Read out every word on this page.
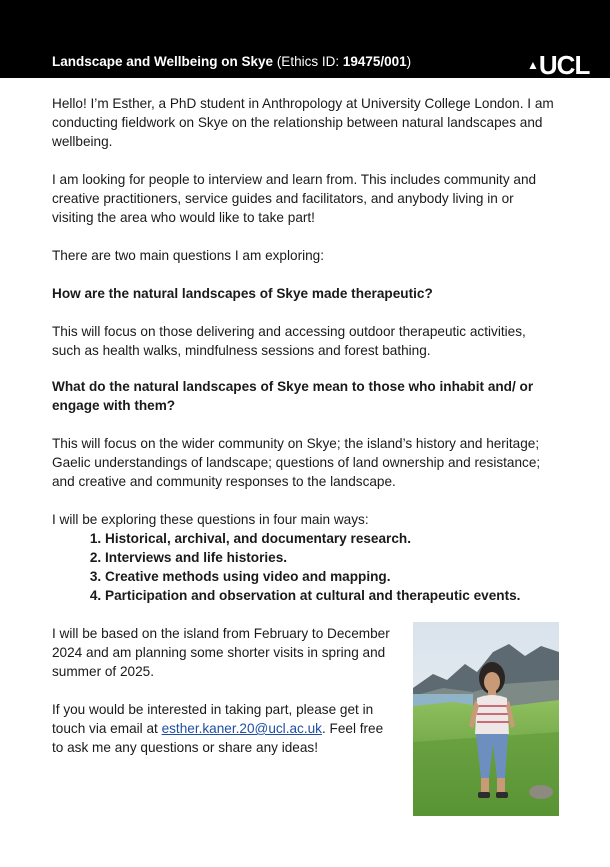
Landscape and Wellbeing on Skye (Ethics ID: 19475/001)	▲UCL

Hello! I’m Esther, a PhD student in Anthropology at University College London. I am conducting fieldwork on Skye on the relationship between natural landscapes and wellbeing.

I am looking for people to interview and learn from. This includes community and creative practitioners, service guides and facilitators, and anybody living in or visiting the area who would like to take part!

There are two main questions I am exploring:

How are the natural landscapes of Skye made therapeutic?

This will focus on those delivering and accessing outdoor therapeutic activities, such as health walks, mindfulness sessions and forest bathing.

What do the natural landscapes of Skye mean to those who inhabit and/ or engage with them?

This will focus on the wider community on Skye; the island’s history and heritage; Gaelic understandings of landscape; questions of land ownership and resistance; and creative and community responses to the landscape.

I will be exploring these questions in four main ways:

1. Historical, archival, and documentary research.
2. Interviews and life histories.
3. Creative methods using video and mapping.
4. Participation and observation at cultural and therapeutic events.

I will be based on the island from February to December 2024 and am planning some shorter visits in spring and summer of 2025.

If you would be interested in taking part, please get in touch via email at esther.kaner.20@ucl.ac.uk. Feel free to ask me any questions or share any ideas!
